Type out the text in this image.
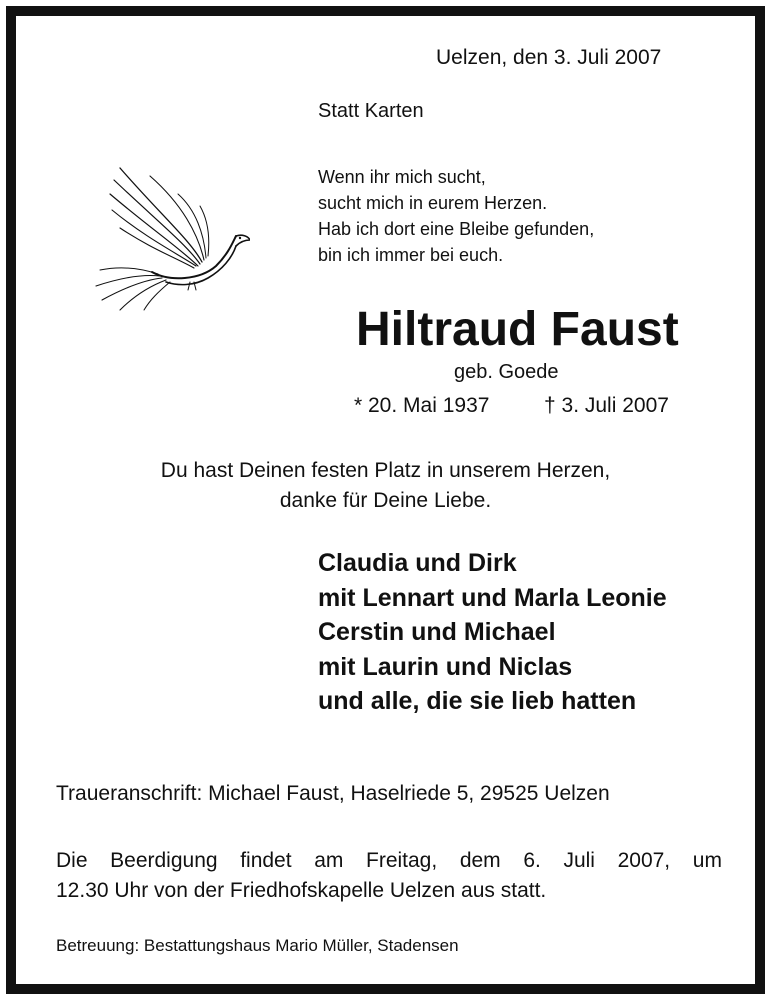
Uelzen, den 3. Juli 2007
Statt Karten
Wenn ihr mich sucht,
sucht mich in eurem Herzen.
Hab ich dort eine Bleibe gefunden,
bin ich immer bei euch.
Hiltraud Faust
geb. Goede
* 20. Mai 1937	† 3. Juli 2007
Du hast Deinen festen Platz in unserem Herzen,
danke für Deine Liebe.
Claudia und Dirk
mit Lennart und Marla Leonie
Cerstin und Michael
mit Laurin und Niclas
und alle, die sie lieb hatten
Traueranschrift: Michael Faust, Haselriede 5, 29525 Uelzen
Die Beerdigung findet am Freitag, dem 6. Juli 2007, um
12.30 Uhr von der Friedhofskapelle Uelzen aus statt.
Betreuung: Bestattungshaus Mario Müller, Stadensen
